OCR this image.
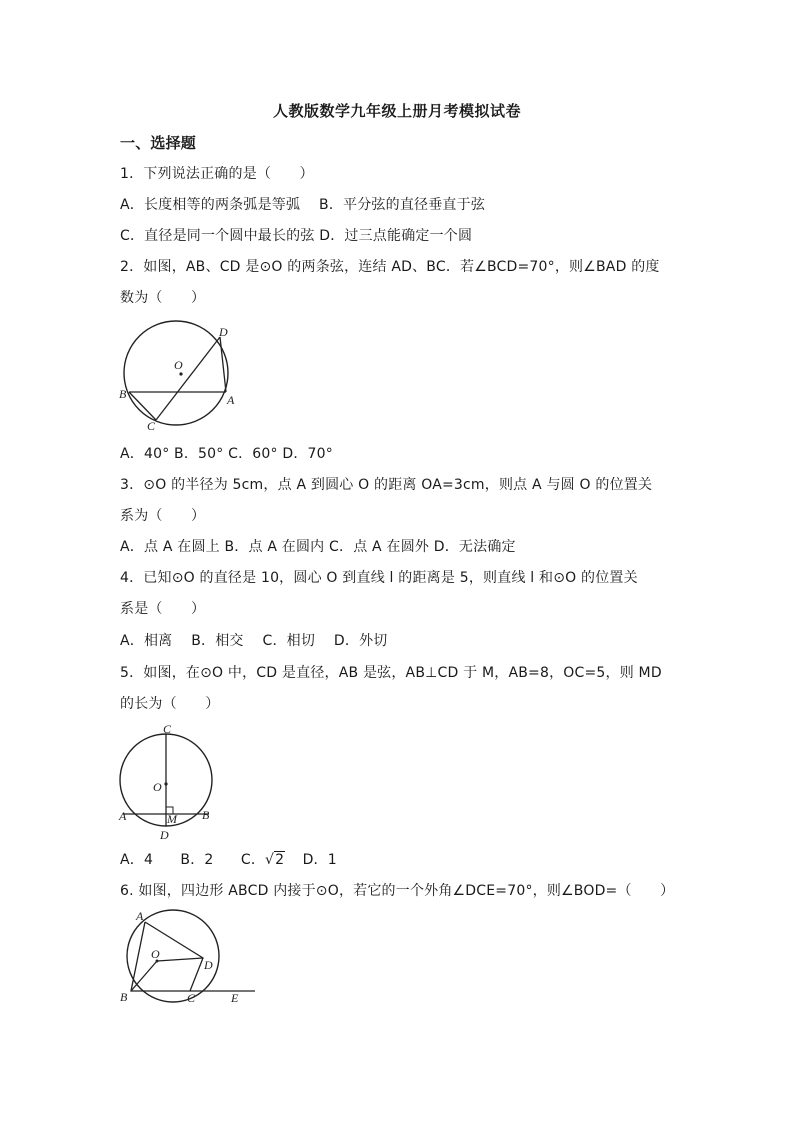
人教版数学九年级上册月考模拟试卷
一、选择题
1．下列说法正确的是（　　）
A．长度相等的两条弧是等弧　 B．平分弦的直径垂直于弦
C．直径是同一个圆中最长的弦 D．过三点能确定一个圆
2．如图，AB、CD 是⊙O 的两条弦，连结 AD、BC．若∠BCD=70°，则∠BAD 的度
数为（　　）
D
O
B	A
C
A．40° B．50° C．60° D．70°
3．⊙O 的半径为 5cm，点 A 到圆心 O 的距离 OA=3cm，则点 A 与圆 O 的位置关
系为（　　）
A．点 A 在圆上 B．点 A 在圆内 C．点 A 在圆外 D．无法确定
4．已知⊙O 的直径是 10，圆心 O 到直线 l 的距离是 5，则直线 l 和⊙O 的位置关
系是（　　）
A．相离　 B．相交　 C．相切　 D．外切
5．如图，在⊙O 中，CD 是直径，AB 是弦，AB⊥CD 于 M，AB=8，OC=5，则 MD
的长为（　　）
C
O
A	M B
D
A．4 B．2 C．√2 D．1
6. 如图，四边形 ABCD 内接于⊙O，若它的一个外角∠DCE=70°，则∠BOD=（　　）
A
O
D
B	C	E
